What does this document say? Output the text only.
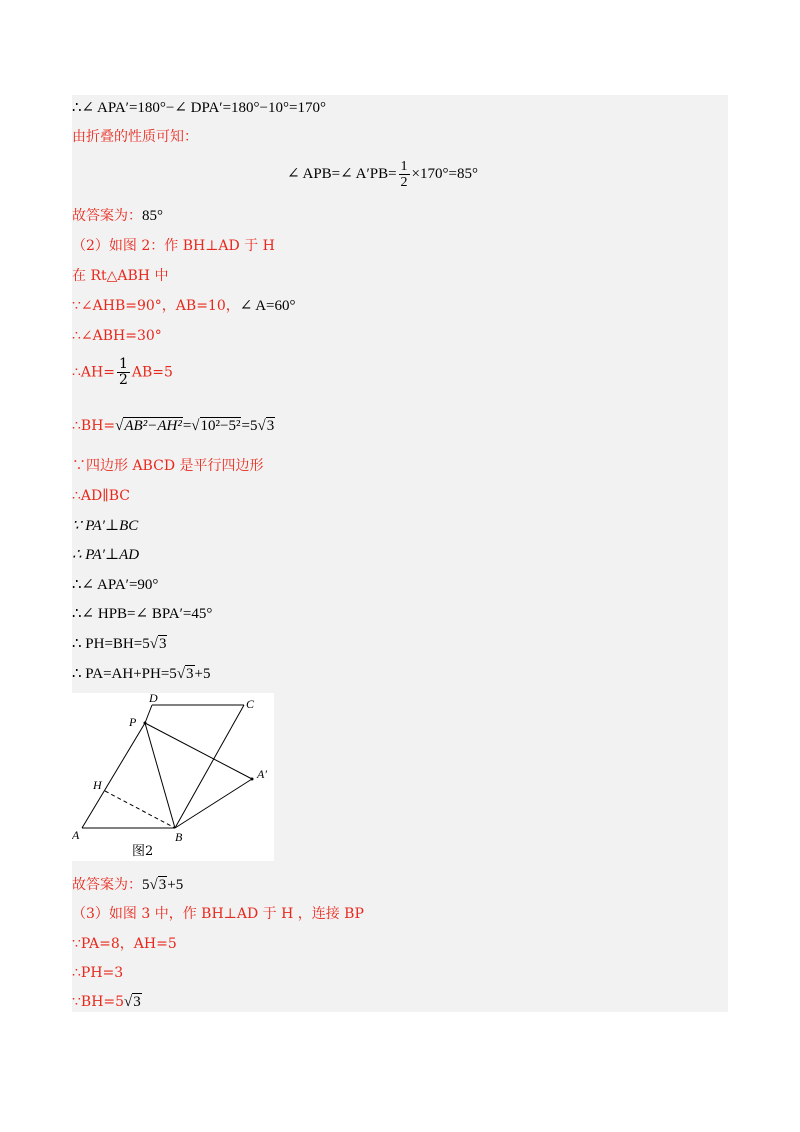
∴∠ APA′=180°−∠ DPA′=180°−10°=170°
由折叠的性质可知：
∠ APB=∠ $A'PB= \frac{1}{2} \times 170^\circ=85^\circ$
故答案为：85°
（2）如图 2：作 BH⊥AD 于 H
在 Rt△ABH 中
∵∠AHB=90°，AB=10，∠ A=60°
∴∠ABH=30°
∴AH= $\frac{1}{2} AB=5$
∴BH=√AB²−AH²=√10²−5²=5√3
∵四边形 ABCD 是平行四边形
∴AD∥BC
∵ PA′⊥BC
∴ PA′⊥AD
∴∠ APA′=90°
∴∠ HPB=∠ BPA′=45°
∴ PH=BH=5√3
∴ PA=AH+PH=5√3+5
D	C
P
A′
H
A	B
图2
故答案为：5√3+5
（3）如图 3 中，作 BH⊥AD 于 H ，连接 BP
∵PA=8，AH=5
∴PH=3
∵BH=5√3
